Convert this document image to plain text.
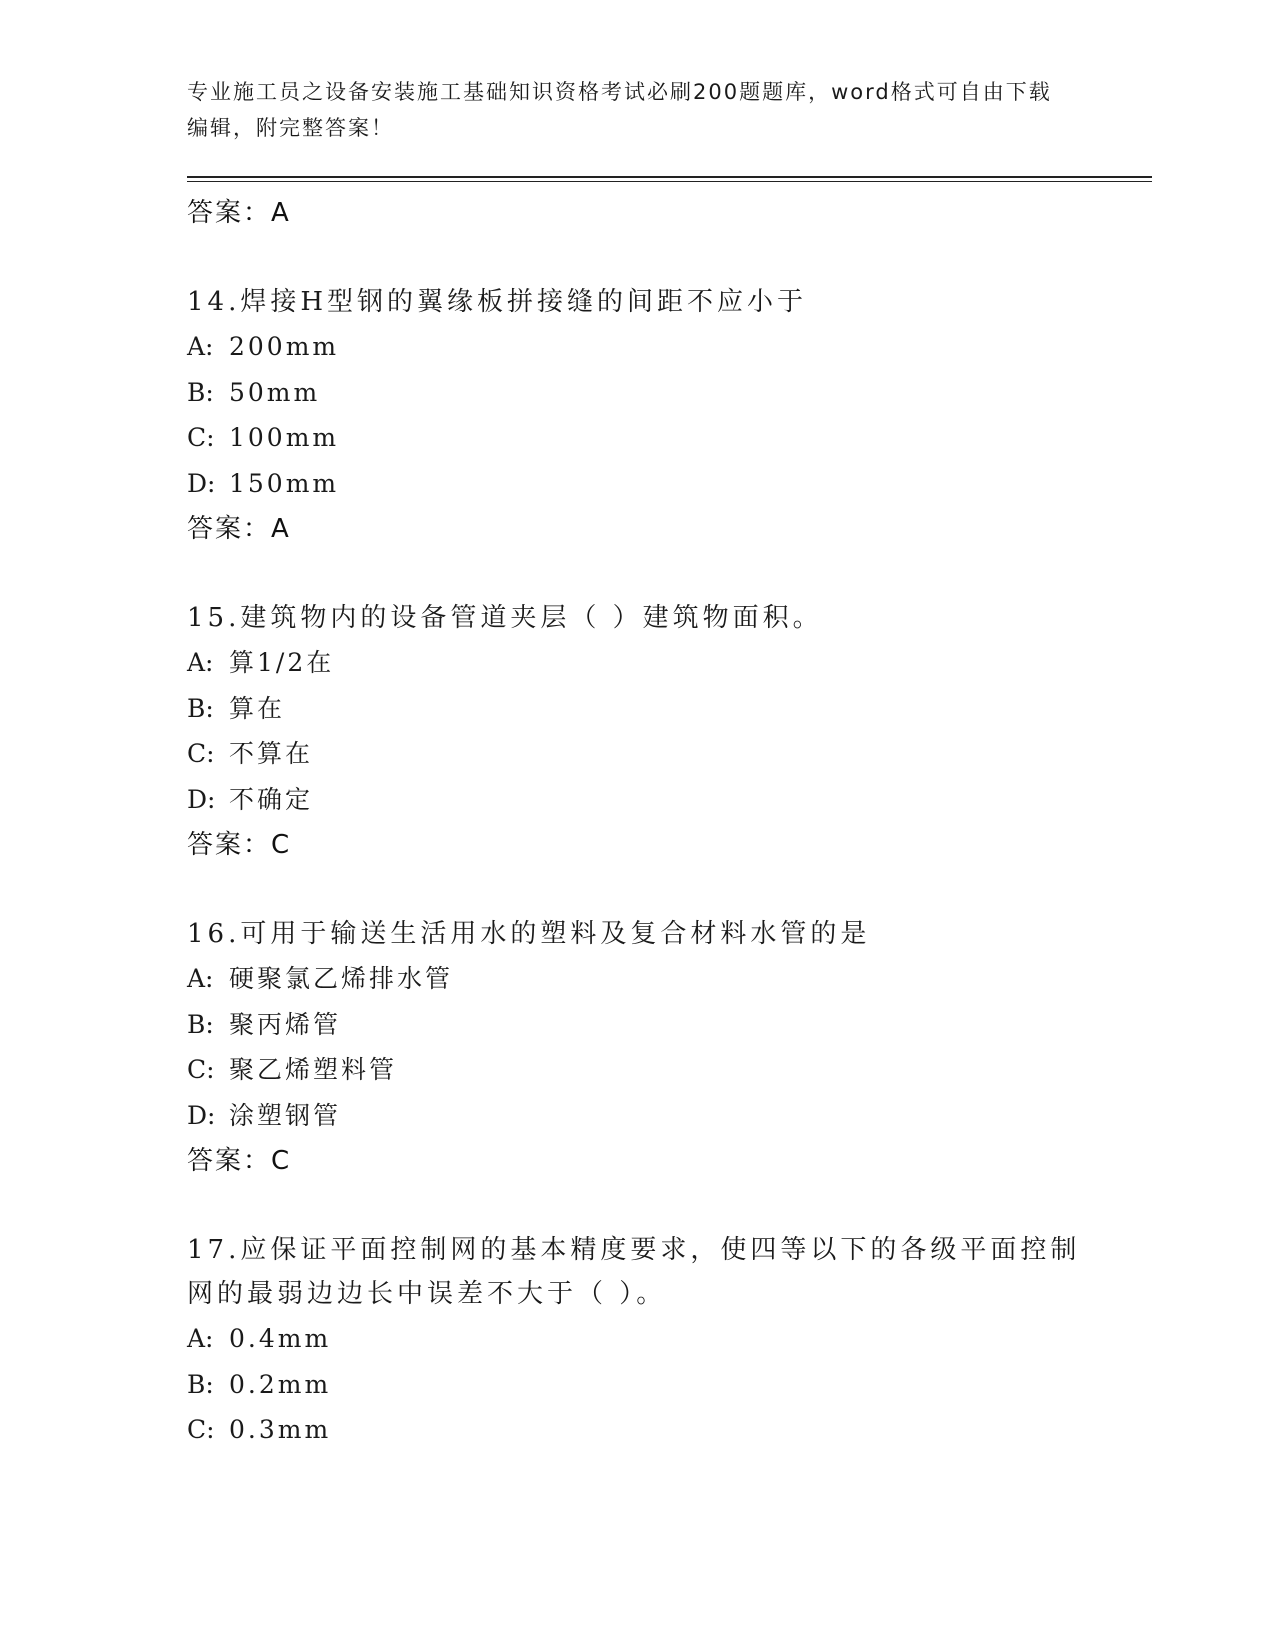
专业施工员之设备安装施工基础知识资格考试必刷200题题库，word格式可自由下载编辑，附完整答案！
答案：A
14.焊接H型钢的翼缘板拼接缝的间距不应小于
A: 200mm
B: 50mm
C: 100mm
D: 150mm
答案：A
15.建筑物内的设备管道夹层（ ）建筑物面积。
A: 算1/2在
B: 算在
C: 不算在
D: 不确定
答案：C
16.可用于输送生活用水的塑料及复合材料水管的是
A: 硬聚氯乙烯排水管
B: 聚丙烯管
C: 聚乙烯塑料管
D: 涂塑钢管
答案：C
17.应保证平面控制网的基本精度要求，使四等以下的各级平面控制网的最弱边边长中误差不大于（ ）。
A: 0.4mm
B: 0.2mm
C: 0.3mm
